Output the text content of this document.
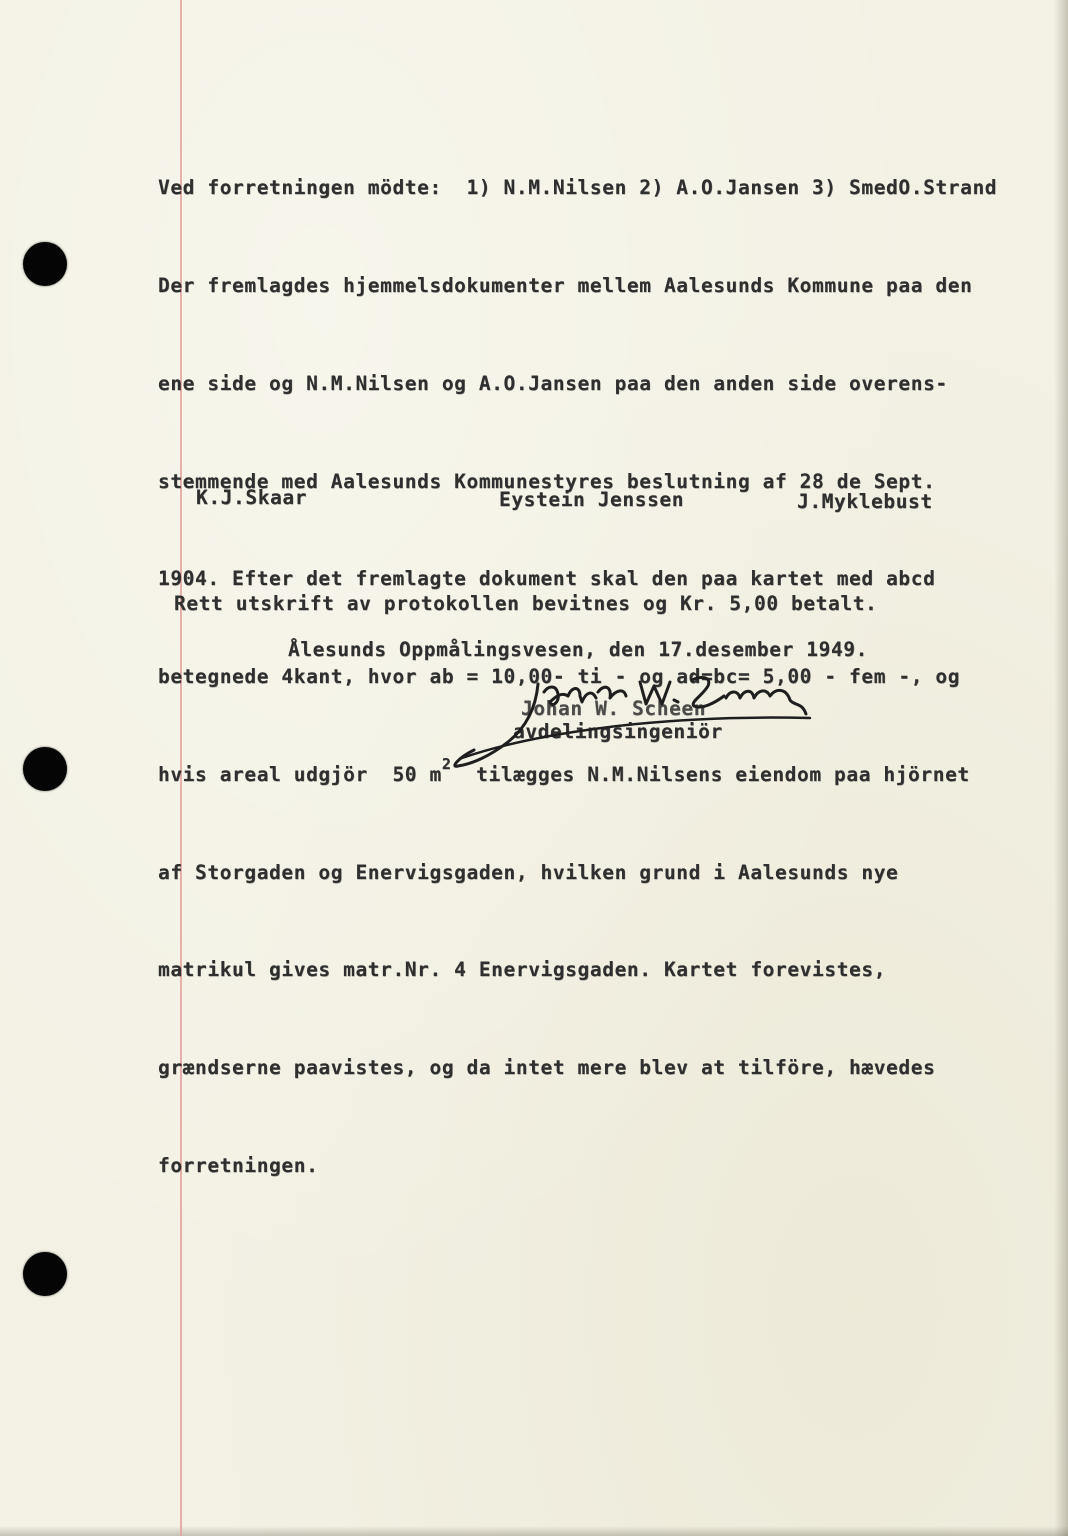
Ved forretningen mödte:  1) N.M.Nilsen 2) A.O.Jansen 3) SmedO.Strand

Der fremlagdes hjemmelsdokumenter mellem Aalesunds Kommune paa den

ene side og N.M.Nilsen og A.O.Jansen paa den anden side overens-

stemmende med Aalesunds Kommunestyres beslutning af 28 de Sept.

1904. Efter det fremlagte dokument skal den paa kartet med abcd

betegnede 4kant, hvor ab = 10,00- ti - og ad=bc= 5,00 - fem -, og

hvis areal udgjör  50 $m^2$ tilægges N.M.Nilsens eiendom paa hjörnet

af Storgaden og Enervigsgaden, hvilken grund i Aalesunds nye

matrikul gives matr.Nr. 4 Enervigsgaden. Kartet forevistes,

grændserne paavistes, og da intet mere blev at tilföre, hævedes

forretningen.

K.J.Skaar	Eystein Jenssen	J.Myklebust

Rett utskrift av protokollen bevitnes og Kr. 5,00 betalt.

Ålesunds Oppmålingsvesen, den 17.desember 1949.

Johan W. Scheen

avdelingsingeniör
